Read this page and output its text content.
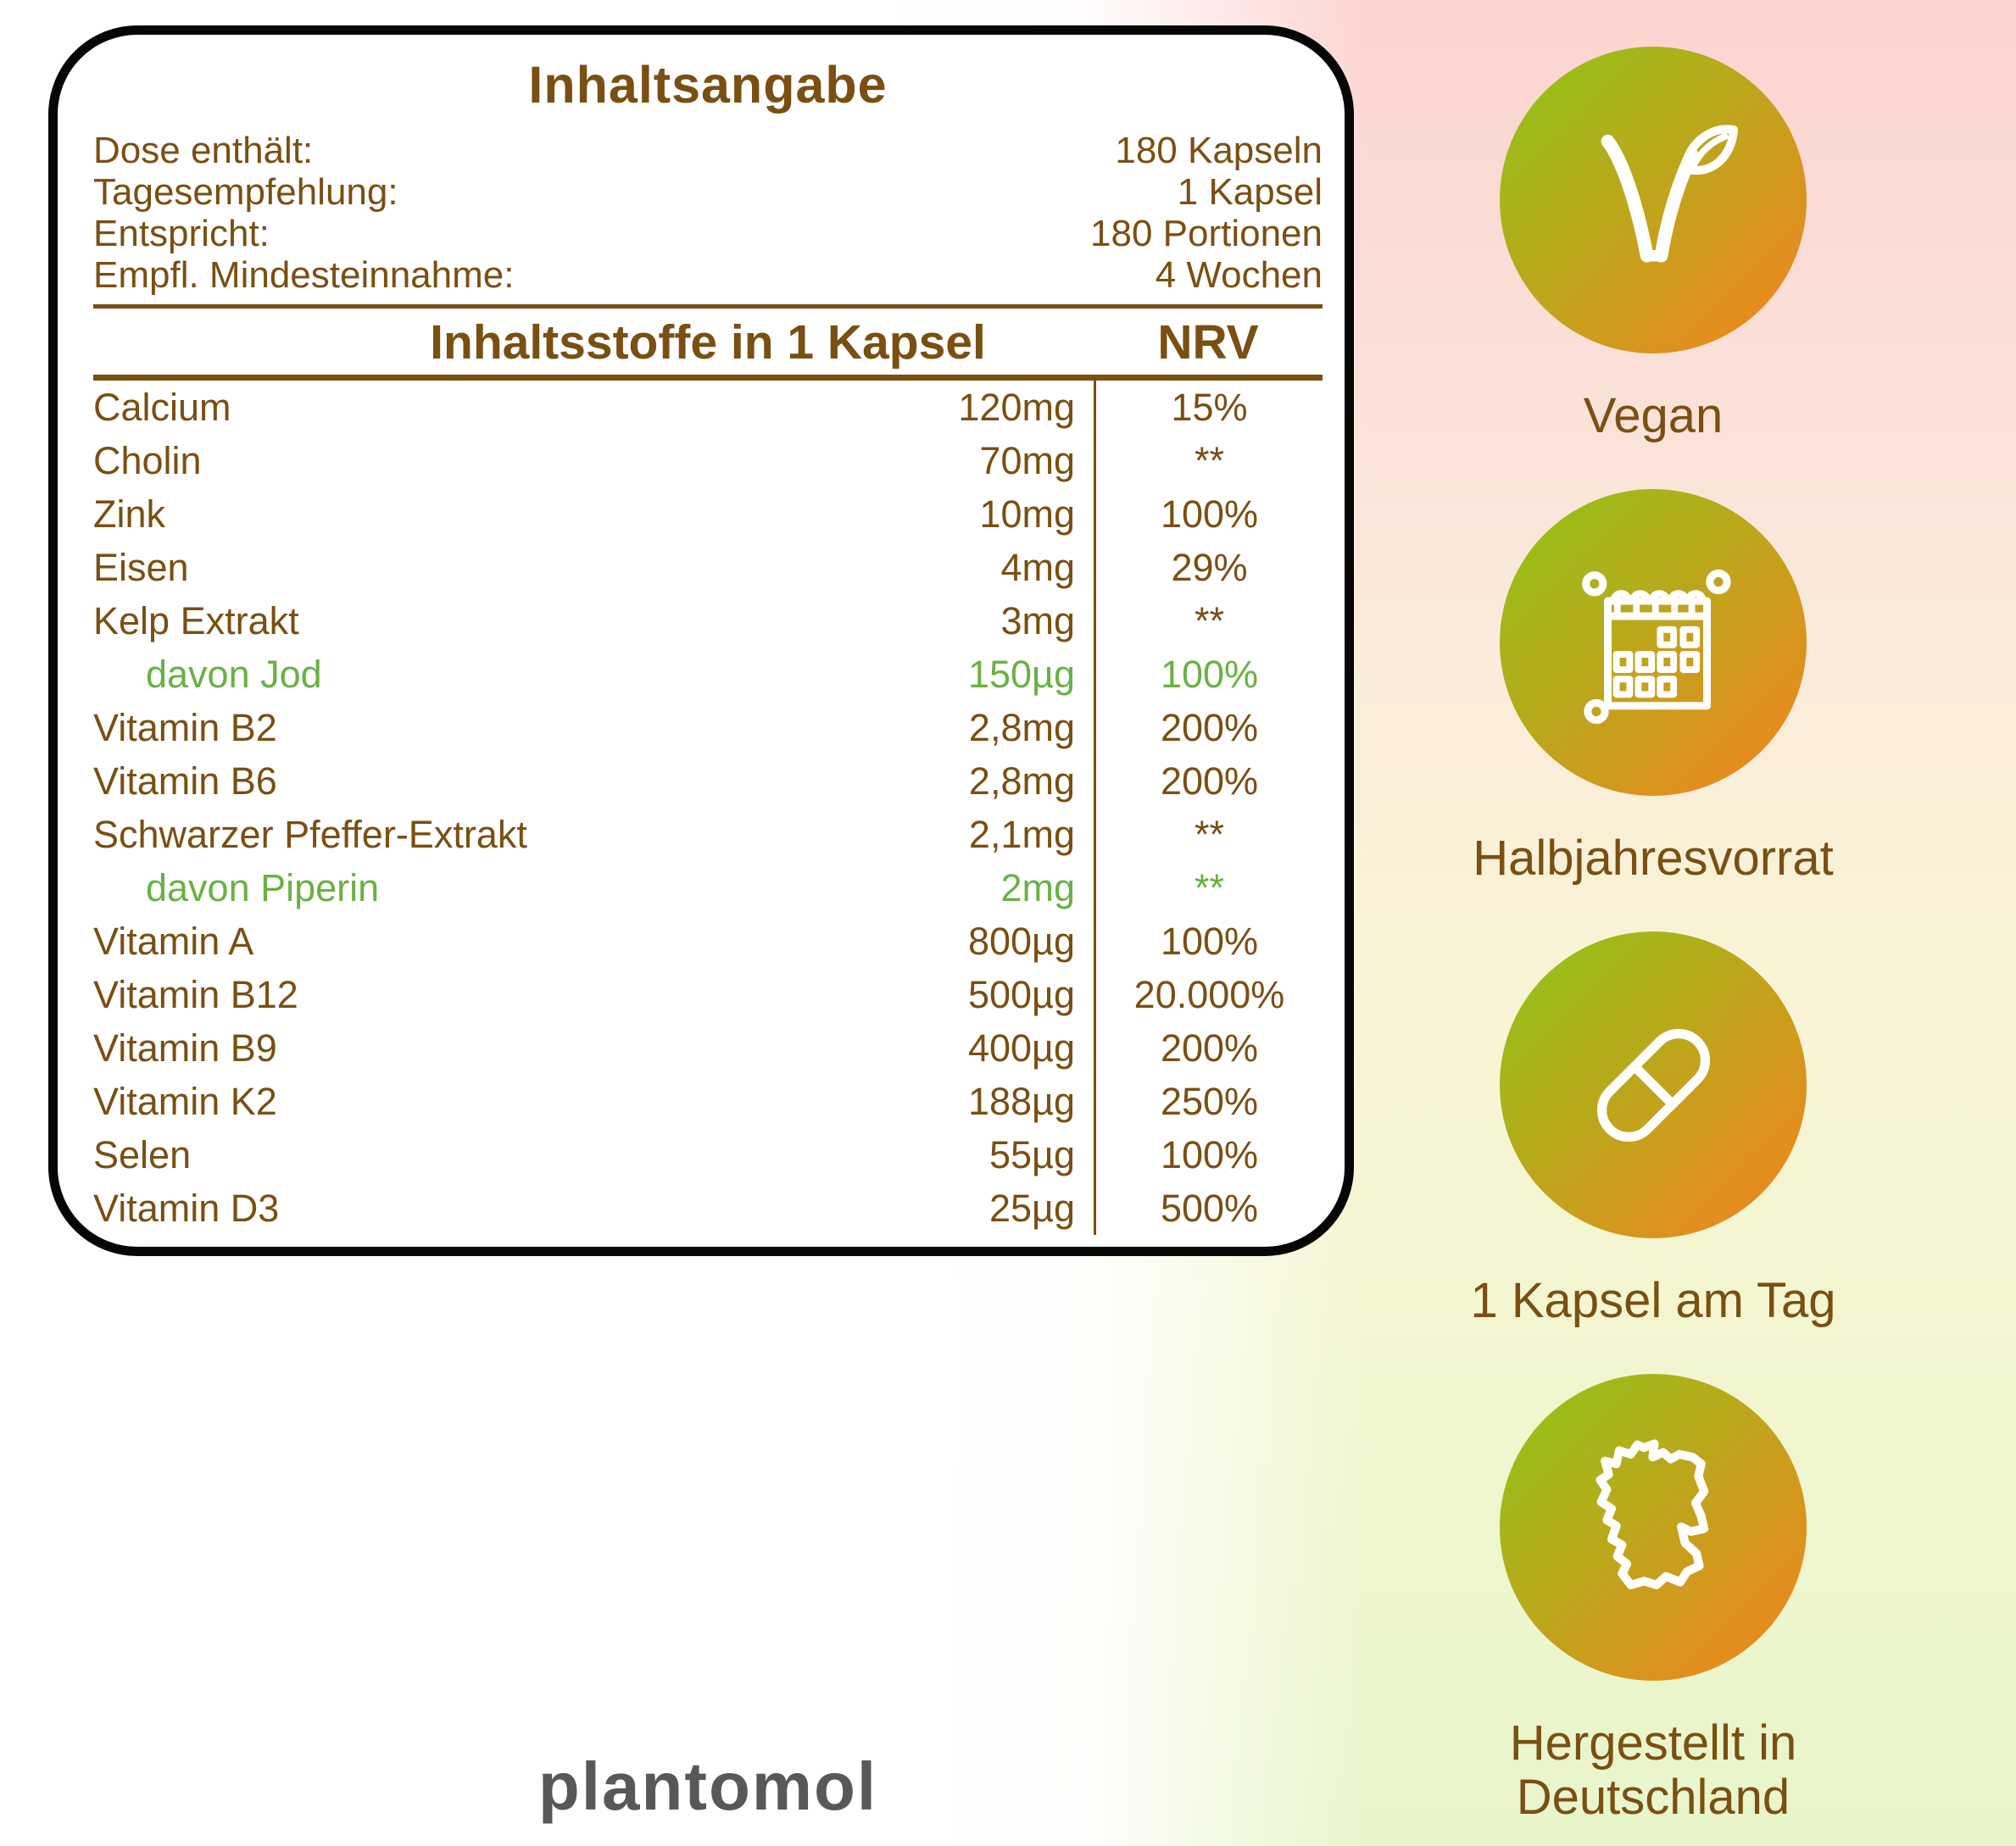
Inhaltsangabe
Dose enthält:	180 Kapseln
Tagesempfehlung:	1 Kapsel
Entspricht:	180 Portionen
Empfl. Mindesteinnahme:	4 Wochen
Inhaltsstoffe in 1 Kapsel	NRV
Calcium	120mg	15%
Cholin	70mg	**
Zink	10mg	100%
Eisen	4mg	29%
Kelp Extrakt	3mg	**
davon Jod	150µg	100%
Vitamin B2	2,8mg	200%
Vitamin B6	2,8mg	200%
Schwarzer Pfeffer-Extrakt	2,1mg	**
davon Piperin	2mg	**
Vitamin A	800µg	100%
Vitamin B12	500µg	20.000%
Vitamin B9	400µg	200%
Vitamin K2	188µg	250%
Selen	55µg	100%
Vitamin D3	25µg	500%
Vegan
Halbjahresvorrat
1 Kapsel am Tag
Hergestellt in
Deutschland
plantomol
